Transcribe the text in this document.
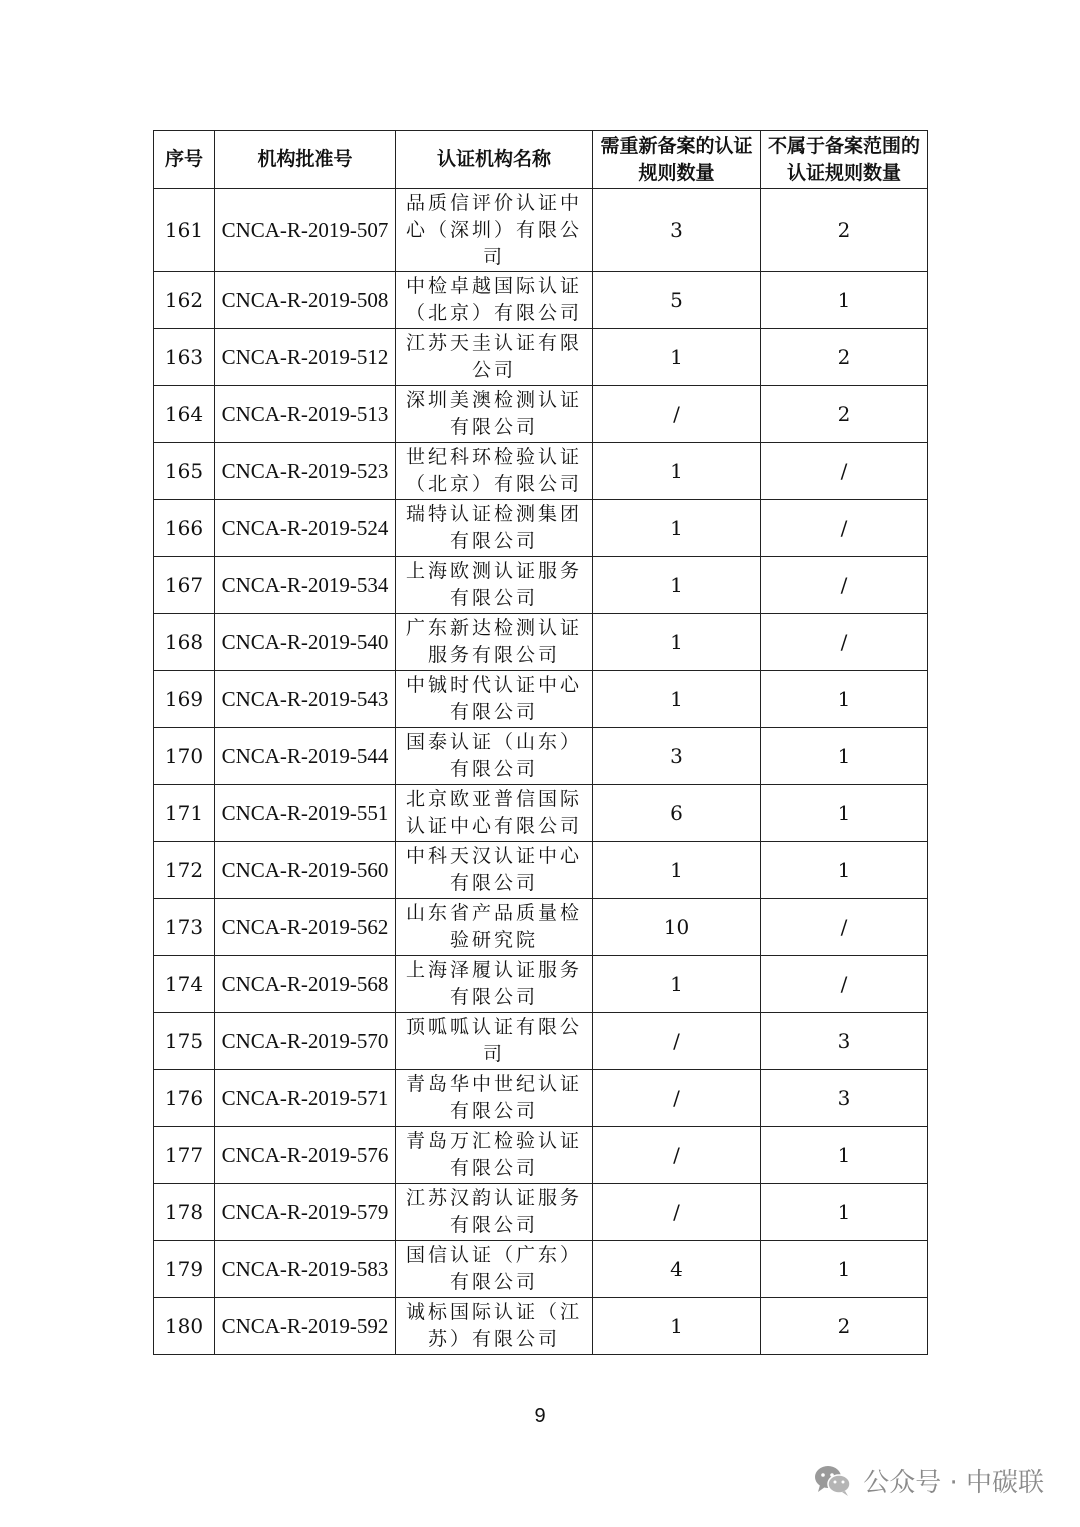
序号	机构批准号	认证机构名称	需重新备案的认证规则数量	不属于备案范围的认证规则数量
161	CNCA-R-2019-507	品质信评价认证中心（深圳）有限公司	3	2
162	CNCA-R-2019-508	中检卓越国际认证（北京）有限公司	5	1
163	CNCA-R-2019-512	江苏天圭认证有限公司	1	2
164	CNCA-R-2019-513	深圳美澳检测认证有限公司	/	2
165	CNCA-R-2019-523	世纪科环检验认证（北京）有限公司	1	/
166	CNCA-R-2019-524	瑞特认证检测集团有限公司	1	/
167	CNCA-R-2019-534	上海欧测认证服务有限公司	1	/
168	CNCA-R-2019-540	广东新达检测认证服务有限公司	1	/
169	CNCA-R-2019-543	中铖时代认证中心有限公司	1	1
170	CNCA-R-2019-544	国泰认证（山东）有限公司	3	1
171	CNCA-R-2019-551	北京欧亚普信国际认证中心有限公司	6	1
172	CNCA-R-2019-560	中科天汉认证中心有限公司	1	1
173	CNCA-R-2019-562	山东省产品质量检验研究院	10	/
174	CNCA-R-2019-568	上海泽履认证服务有限公司	1	/
175	CNCA-R-2019-570	顶呱呱认证有限公司	/	3
176	CNCA-R-2019-571	青岛华中世纪认证有限公司	/	3
177	CNCA-R-2019-576	青岛万汇检验认证有限公司	/	1
178	CNCA-R-2019-579	江苏汉韵认证服务有限公司	/	1
179	CNCA-R-2019-583	国信认证（广东）有限公司	4	1
180	CNCA-R-2019-592	诚标国际认证（江苏）有限公司	1	2
9
公众号 · 中碳联
